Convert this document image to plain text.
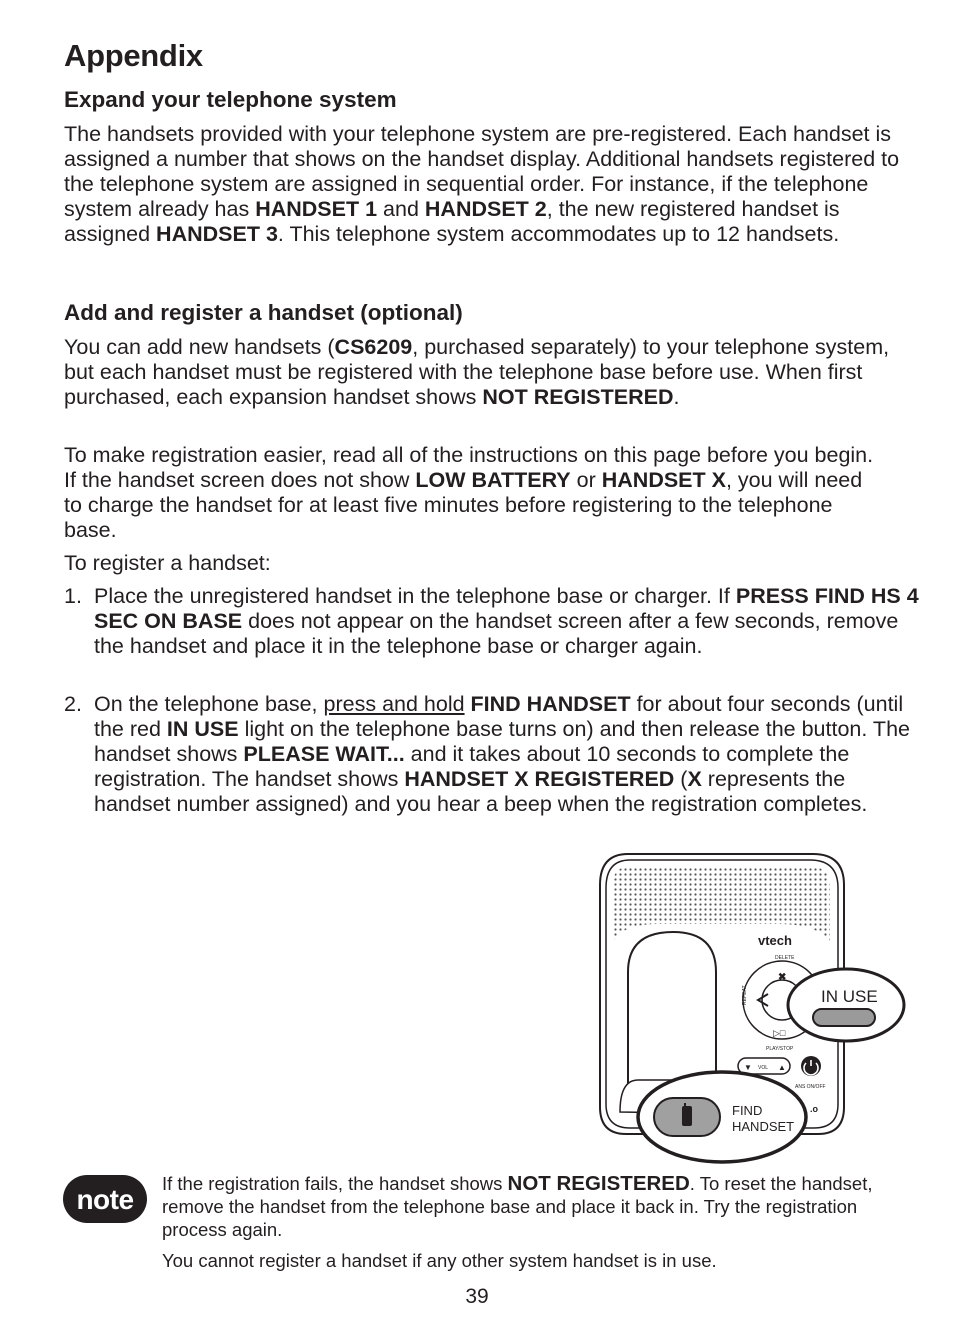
Appendix
Expand your telephone system

The handsets provided with your telephone system are pre-registered. Each handset is assigned a number that shows on the handset display. Additional handsets registered to the telephone system are assigned in sequential order. For instance, if the telephone system already has HANDSET 1 and HANDSET 2, the new registered handset is assigned HANDSET 3. This telephone system accommodates up to 12 handsets.

Add and register a handset (optional)

You can add new handsets (CS6209, purchased separately) to your telephone system, but each handset must be registered with the telephone base before use. When first purchased, each expansion handset shows NOT REGISTERED.

To make registration easier, read all of the instructions on this page before you begin. If the handset screen does not show LOW BATTERY or HANDSET X, you will need to charge the handset for at least five minutes before registering to the telephone base.

To register a handset:

1. Place the unregistered handset in the telephone base or charger. If PRESS FIND HS 4 SEC ON BASE does not appear on the handset screen after a few seconds, remove the handset and place it in the telephone base or charger again.
2. On the telephone base, press and hold FIND HANDSET for about four seconds (until the red IN USE light on the telephone base turns on) and then release the button. The handset shows PLEASE WAIT... and it takes about 10 seconds to complete the registration. The handset shows HANDSET X REGISTERED (X represents the handset number assigned) and you hear a beep when the registration completes.
vtech
DELETE
✖
▷□
REPEAT
PLAY/STOP
▼	▲
VOL
ANS ON/OFF
.o
IN USE
FIND
HANDSET
note

If the registration fails, the handset shows NOT REGISTERED. To reset the handset, remove the handset from the telephone base and place it back in. Try the registration process again.

You cannot register a handset if any other system handset is in use.

39
